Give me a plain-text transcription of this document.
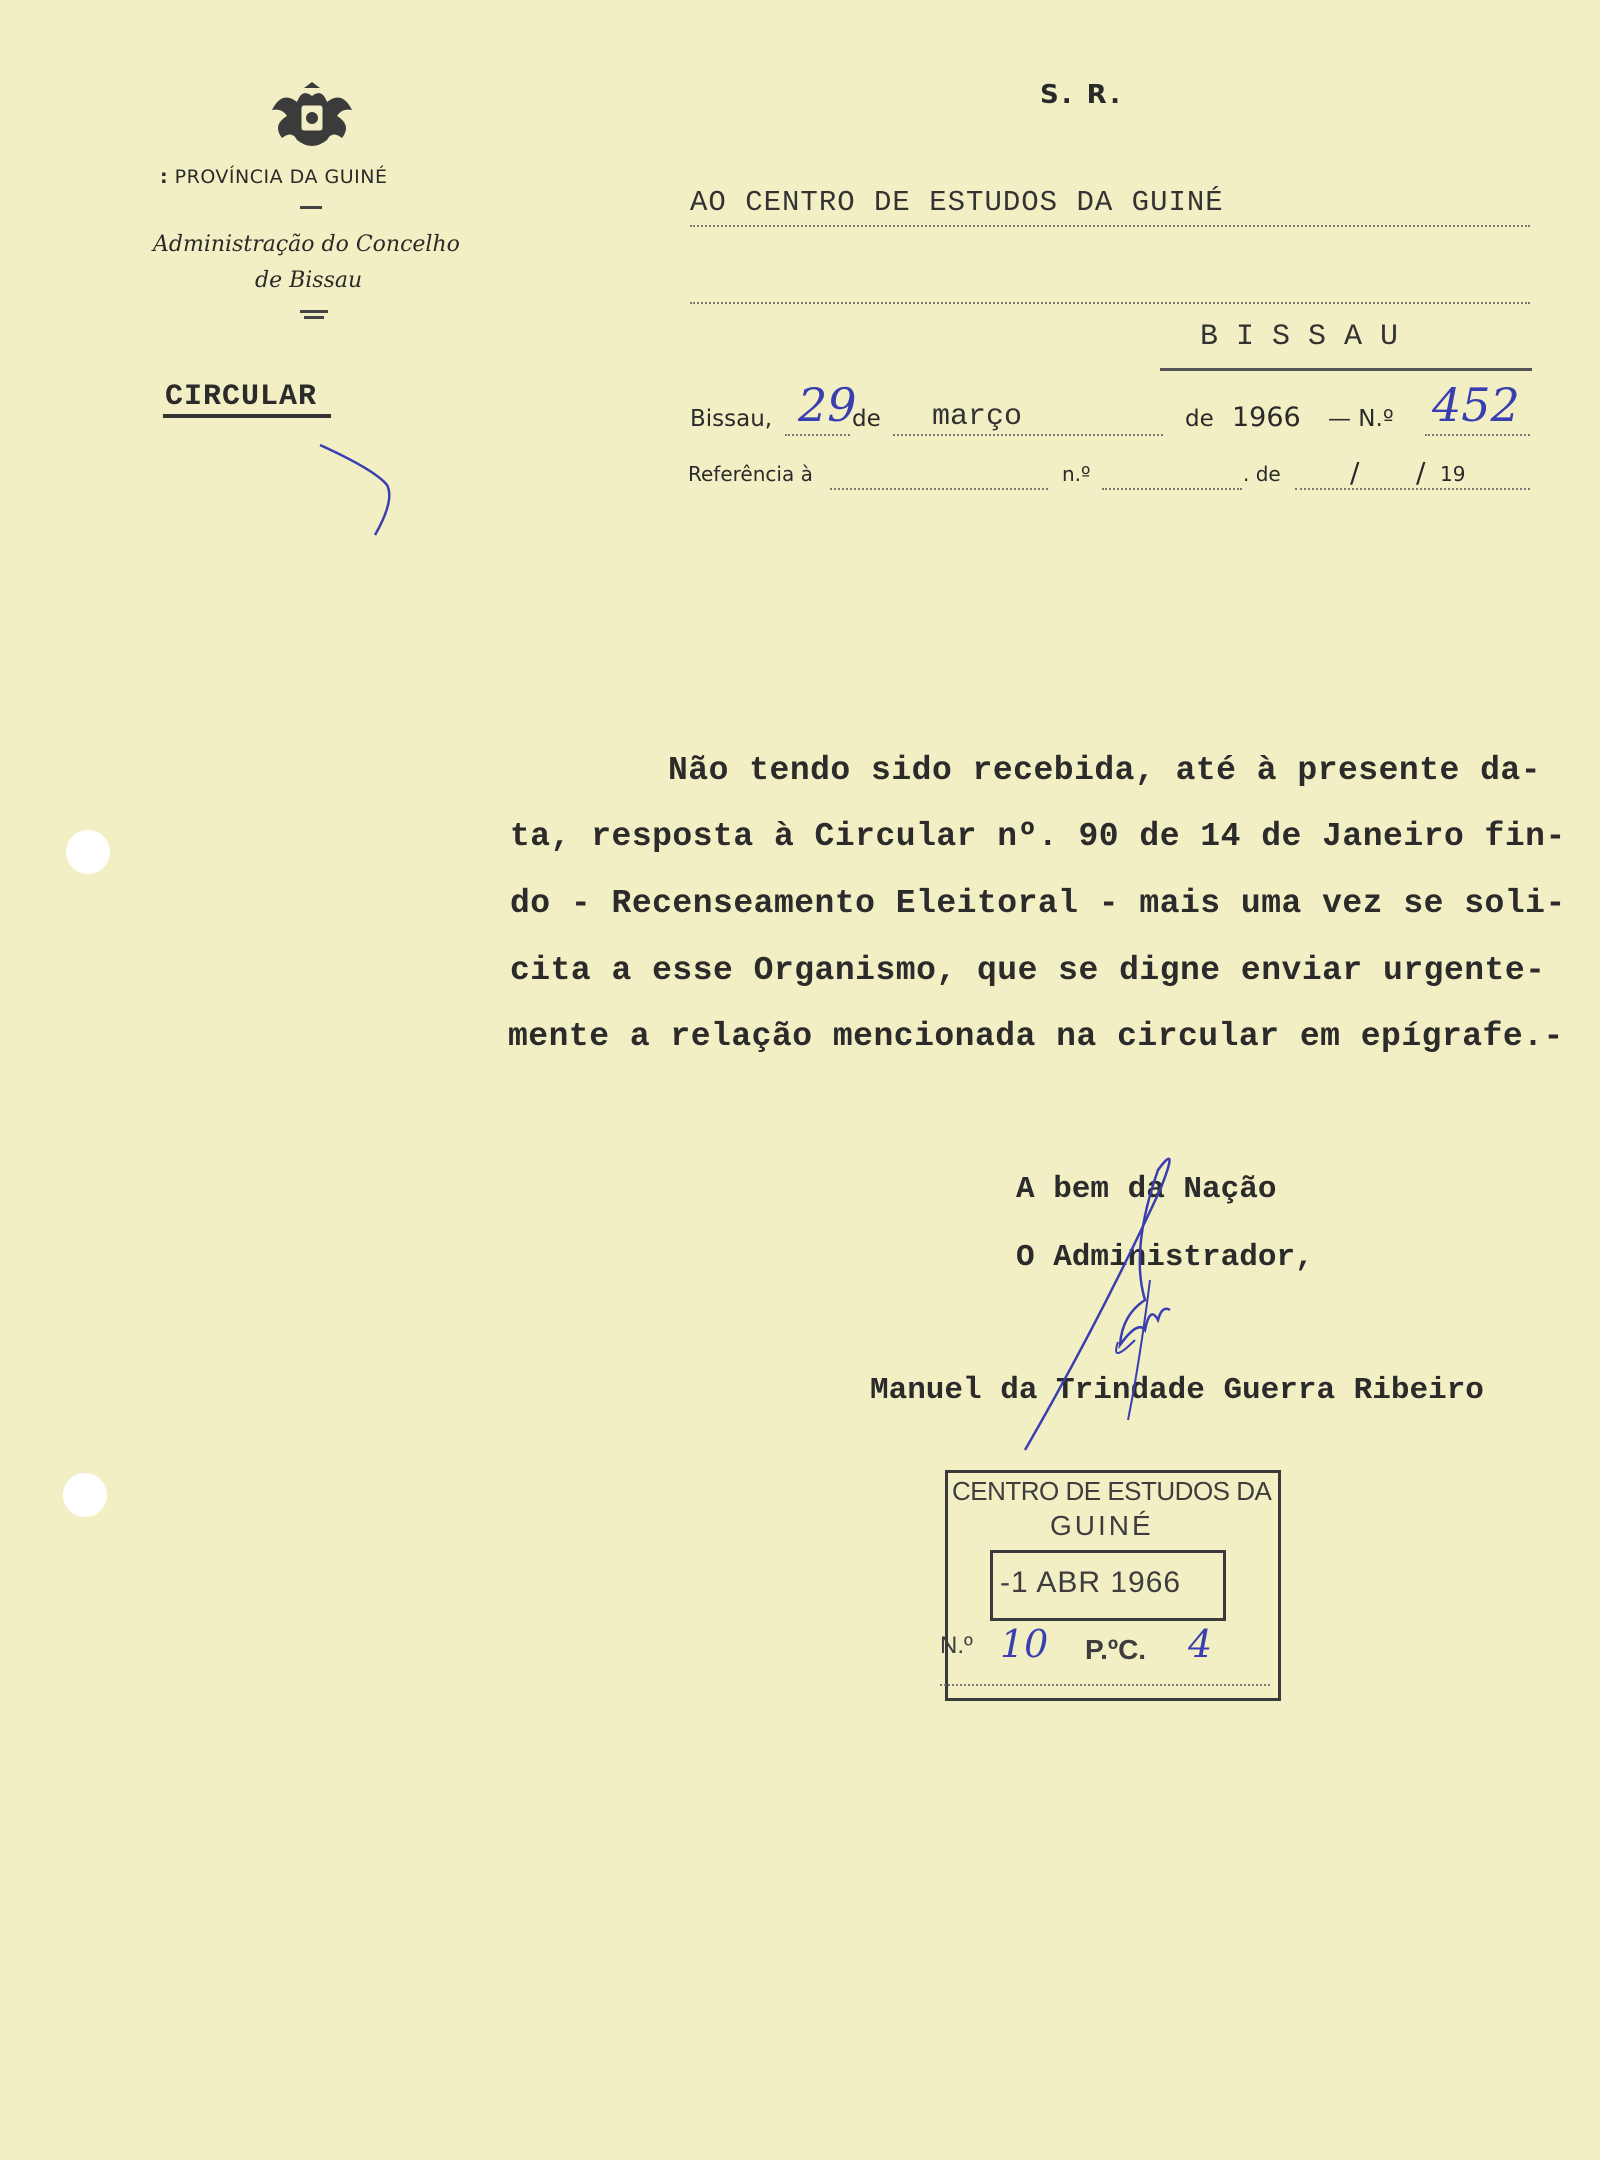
: PROVÍNCIA DA GUINÉ
Administração do Concelho
de Bissau
CIRCULAR
S. R.
AO CENTRO DE ESTUDOS DA GUINÉ
B I S S A U
Bissau, 29
de março	de 1966 — N.º 452
Referência à	n.º	. de / / 19
Não tendo sido recebida, até à presente da-
ta, resposta à Circular nº. 90 de 14 de Janeiro fin-
do - Recenseamento Eleitoral - mais uma vez se soli-
cita a esse Organismo, que se digne enviar urgente-
mente a relação mencionada na circular em epígrafe.-
A bem da Nação
O Administrador,
Manuel da Trindade Guerra Ribeiro
CENTRO DE ESTUDOS DA
GUINÉ
-1 ABR 1966
N.º 10 P.ºC. 4
